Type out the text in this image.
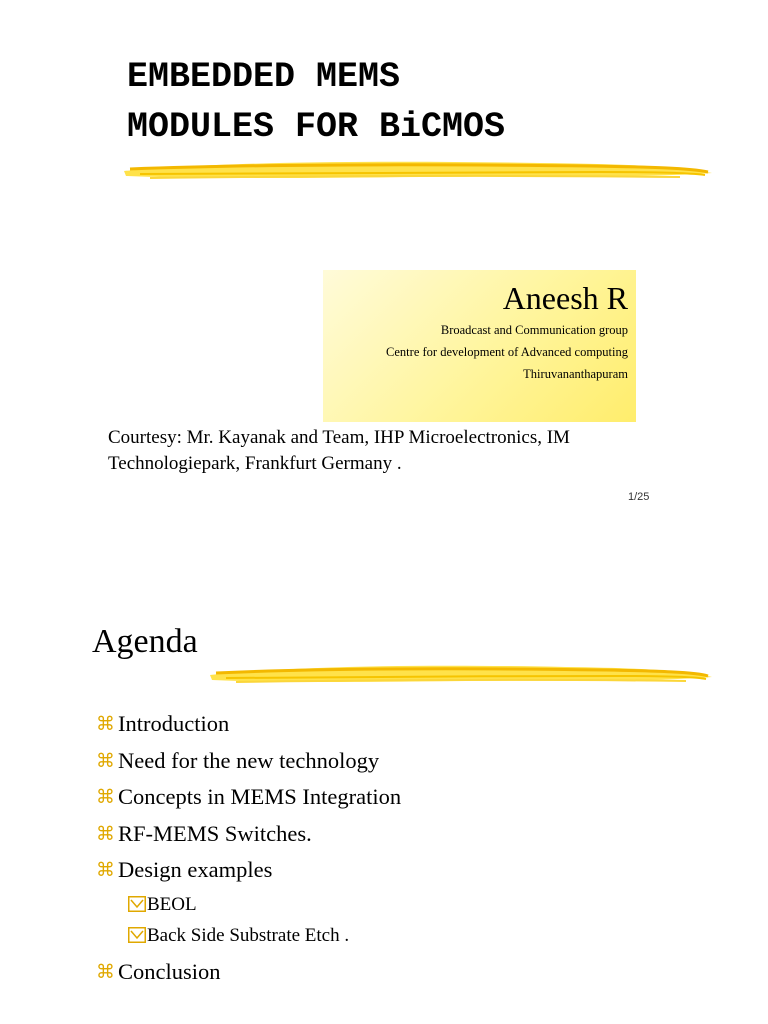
EMBEDDED MEMS
MODULES FOR BiCMOS
Aneesh R
Broadcast and Communication group
Centre for development of Advanced computing
Thiruvananthapuram

Courtesy: Mr. Kayanak and Team, IHP Microelectronics, IM Technologiepark, Frankfurt Germany .

1/25
Agenda
⌘ Introduction
⌘ Need for the new technology
⌘ Concepts in MEMS Integration
⌘ RF-MEMS Switches.
⌘ Design examples
BEOL
Back Side Substrate Etch .
⌘ Conclusion
